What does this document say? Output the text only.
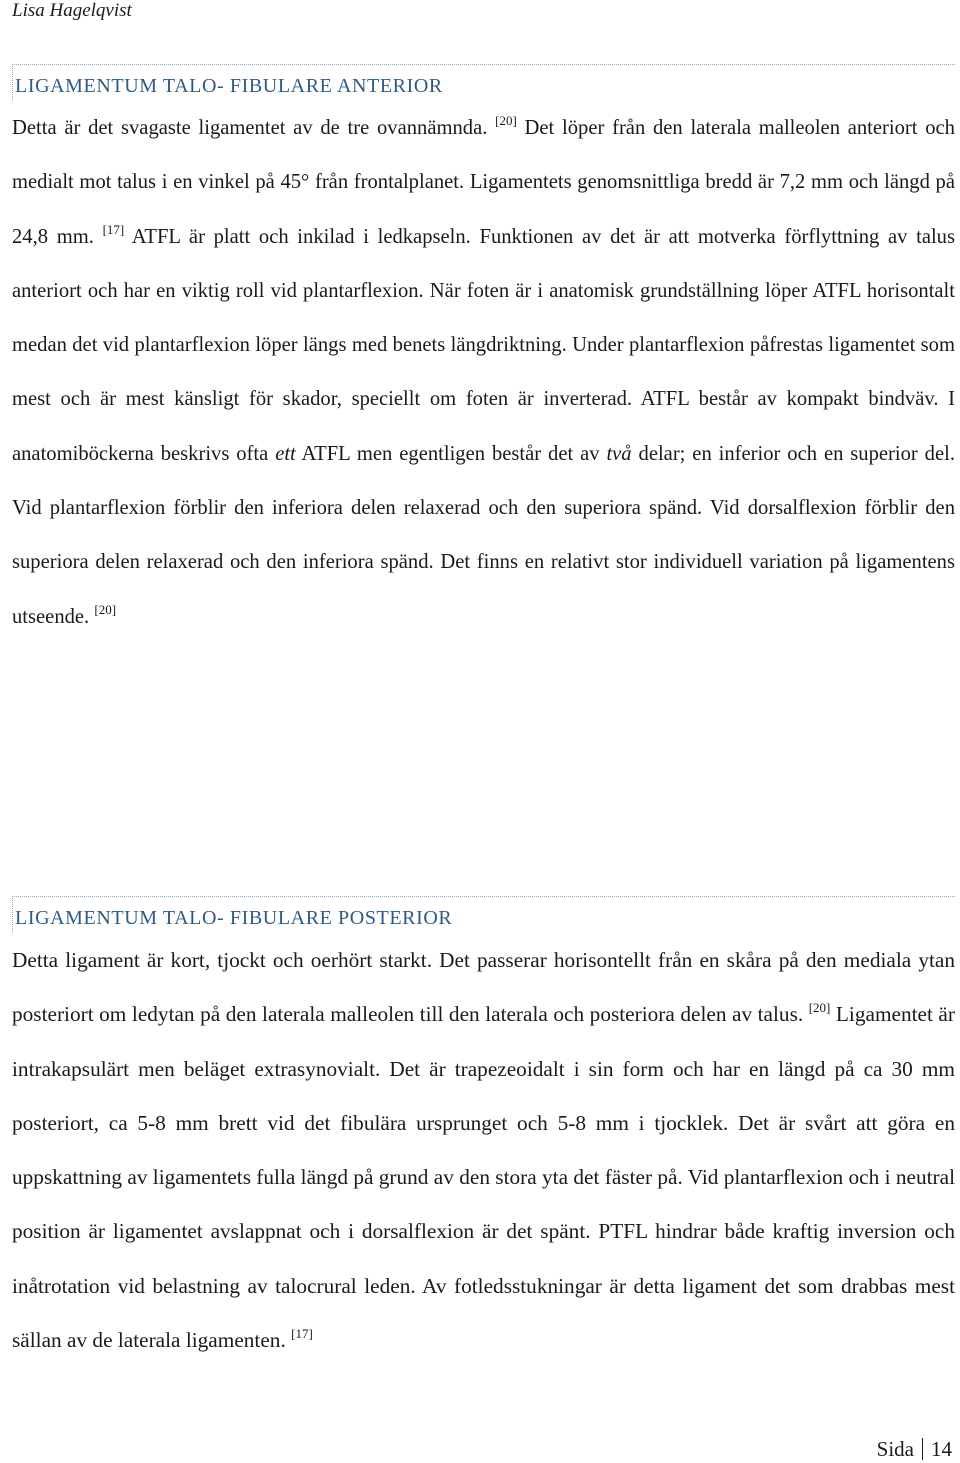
Lisa Hagelqvist
LIGAMENTUM TALO- FIBULARE ANTERIOR

Detta är det svagaste ligamentet av de tre ovannämnda. [20] Det löper från den laterala malleolen anteriort och medialt mot talus i en vinkel på 45° från frontalplanet. Ligamentets genomsnittliga bredd är 7,2 mm och längd på 24,8 mm. [17] ATFL är platt och inkilad i ledkapseln. Funktionen av det är att motverka förflyttning av talus anteriort och har en viktig roll vid plantarflexion. När foten är i anatomisk grundställning löper ATFL horisontalt medan det vid plantarflexion löper längs med benets längdriktning. Under plantarflexion påfrestas ligamentet som mest och är mest känsligt för skador, speciellt om foten är inverterad. ATFL består av kompakt bindväv. I anatomiböckerna beskrivs ofta ett ATFL men egentligen består det av två delar; en inferior och en superior del. Vid plantarflexion förblir den inferiora delen relaxerad och den superiora spänd. Vid dorsalflexion förblir den superiora delen relaxerad och den inferiora spänd. Det finns en relativt stor individuell variation på ligamentens utseende. [20]

LIGAMENTUM TALO- FIBULARE POSTERIOR

Detta ligament är kort, tjockt och oerhört starkt. Det passerar horisontellt från en skåra på den mediala ytan posteriort om ledytan på den laterala malleolen till den laterala och posteriora delen av talus. [20] Ligamentet är intrakapsulärt men beläget extrasynovialt. Det är trapezeoidalt i sin form och har en längd på ca 30 mm posteriort, ca 5-8 mm brett vid det fibulära ursprunget och 5-8 mm i tjocklek. Det är svårt att göra en uppskattning av ligamentets fulla längd på grund av den stora yta det fäster på. Vid plantarflexion och i neutral position är ligamentet avslappnat och i dorsalflexion är det spänt. PTFL hindrar både kraftig inversion och inåtrotation vid belastning av talocrural leden. Av fotledsstukningar är detta ligament det som drabbas mest sällan av de laterala ligamenten. [17]

Sida 14
